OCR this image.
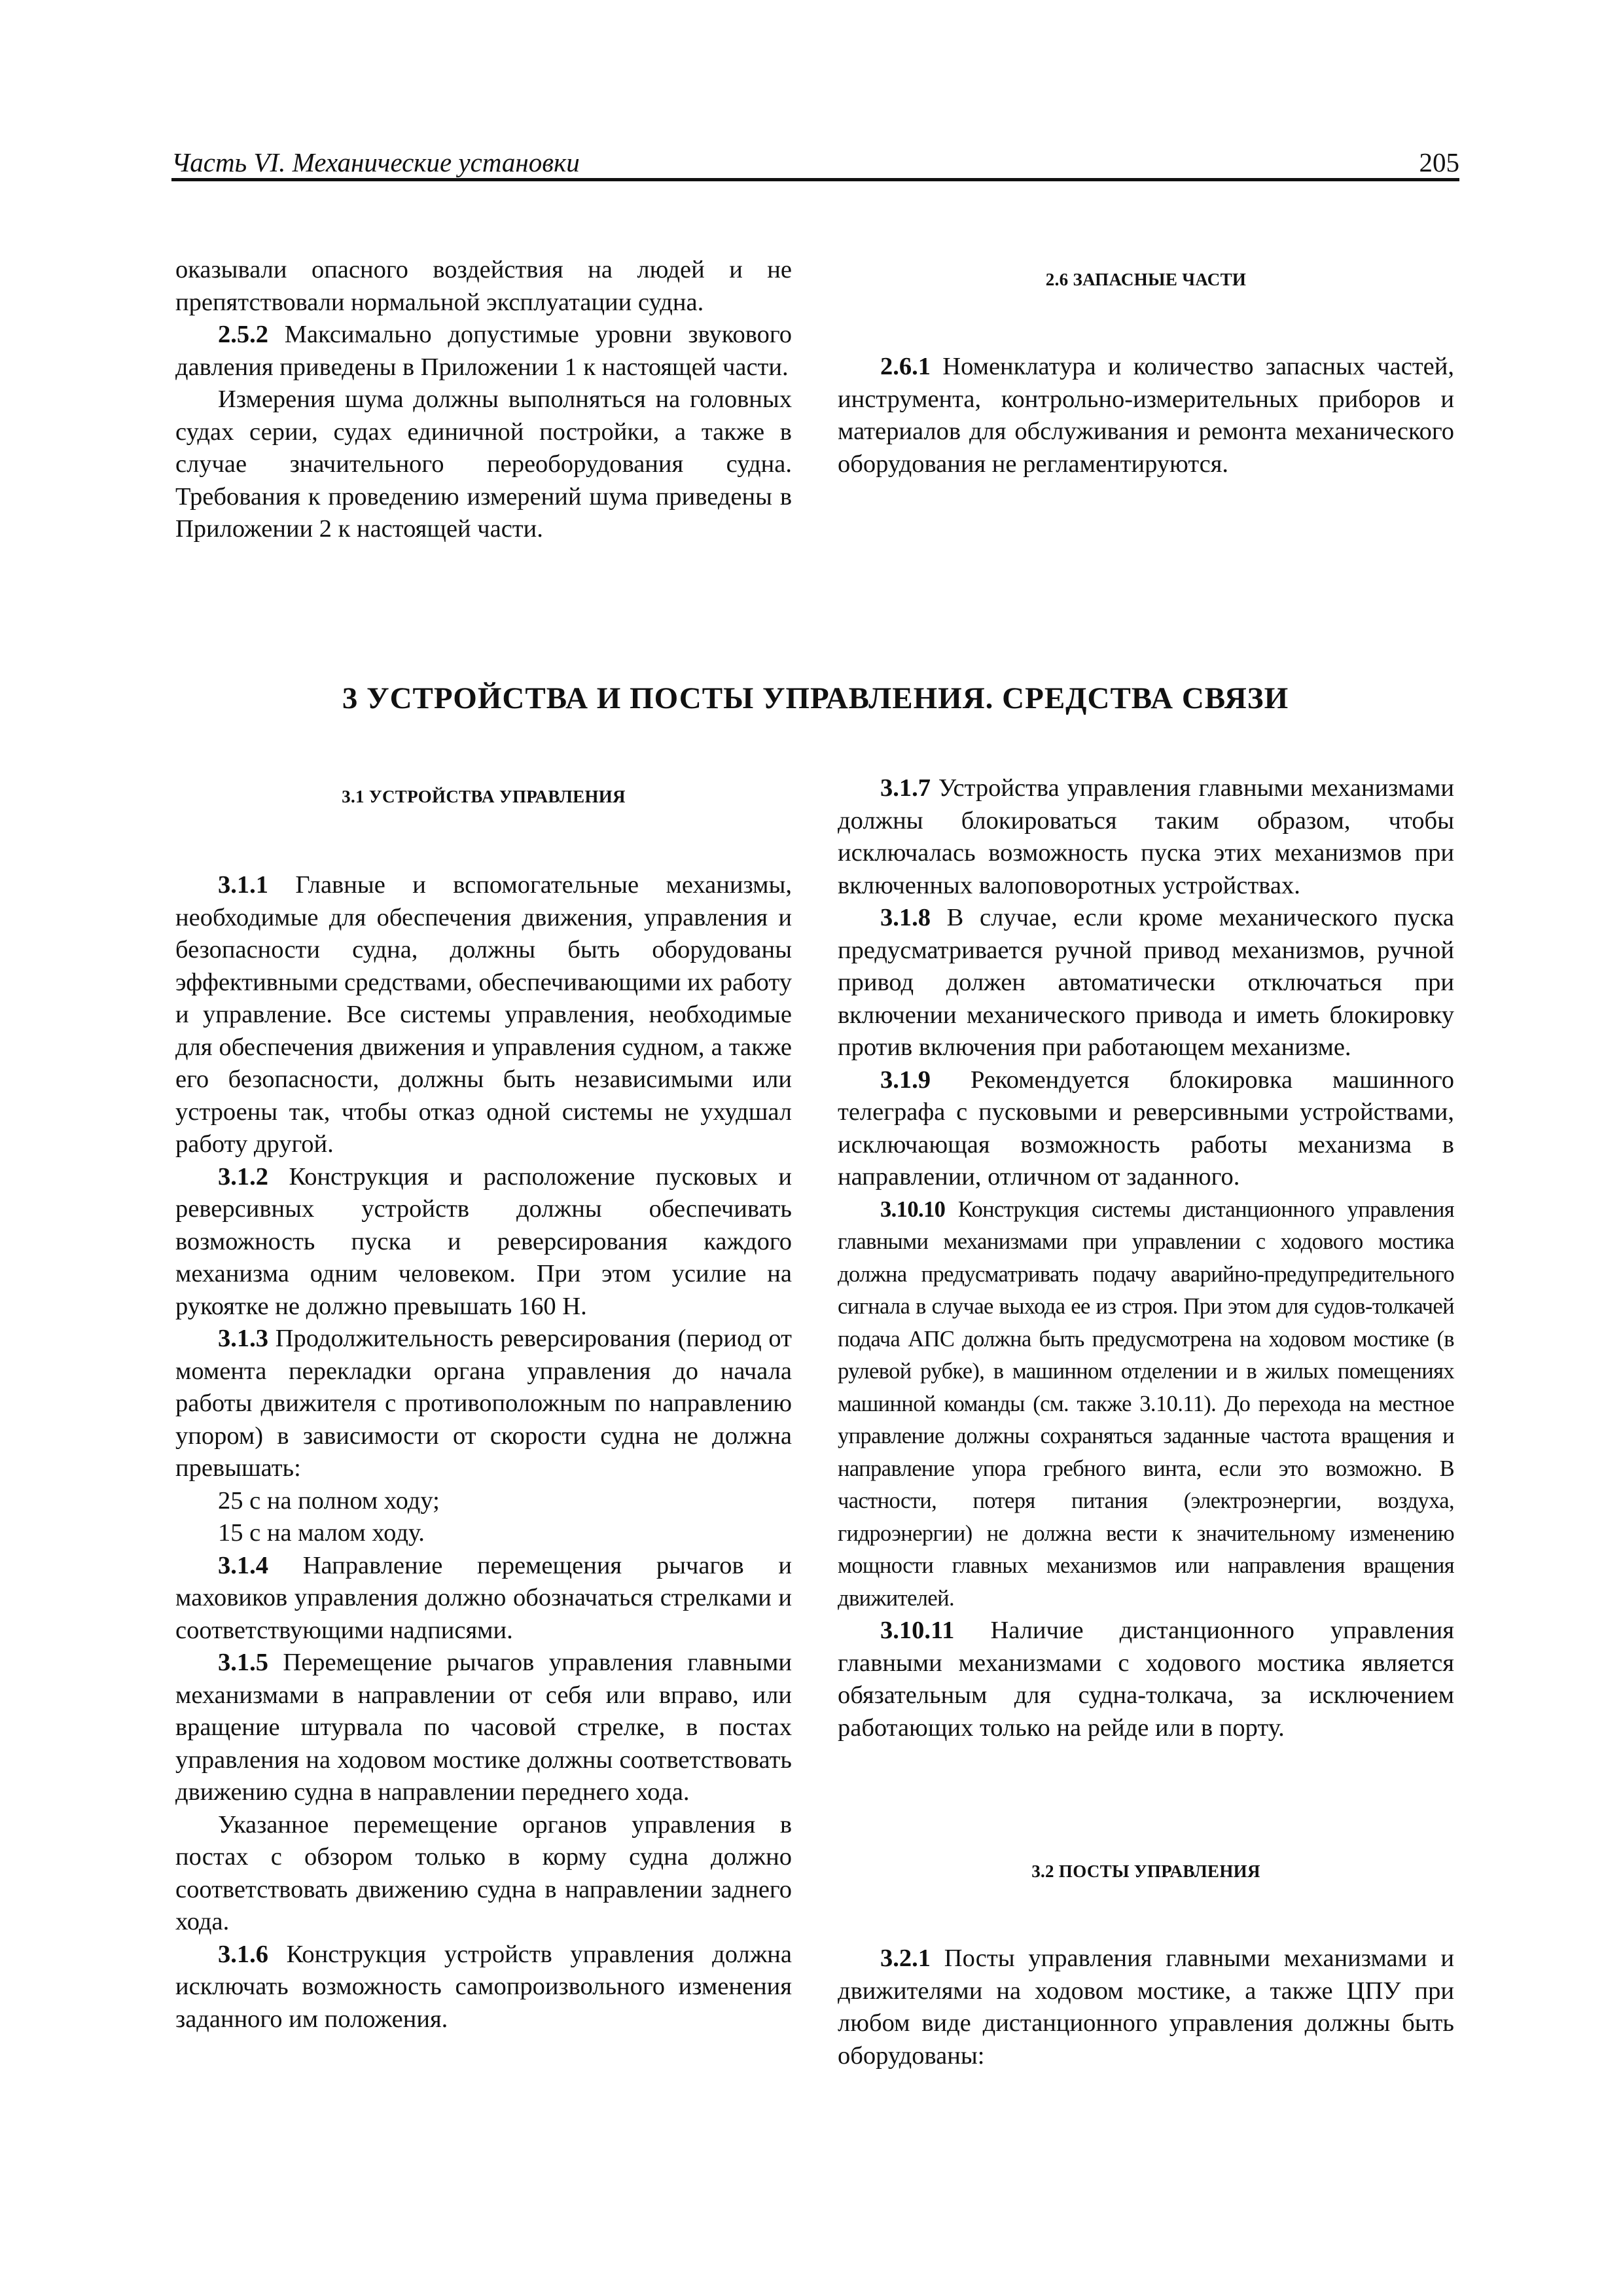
Часть VI. Механические установки	205

оказывали опасного воздействия на людей и не препятствовали нормальной эксплуатации судна.

2.5.2 Максимально допустимые уровни звукового давления приведены в Приложении 1 к настоящей части.

Измерения шума должны выполняться на головных судах серии, судах единичной постройки, а также в случае значительного переоборудования судна. Требования к проведению измерений шума приведены в Приложении 2 к настоящей части.

2.6 ЗАПАСНЫЕ ЧАСТИ

2.6.1 Номенклатура и количество запасных частей, инструмента, контрольно-измерительных приборов и материалов для обслуживания и ремонта механического оборудования не регламентируются.

3 УСТРОЙСТВА И ПОСТЫ УПРАВЛЕНИЯ. СРЕДСТВА СВЯЗИ
3.1 УСТРОЙСТВА УПРАВЛЕНИЯ

3.1.1 Главные и вспомогательные механизмы, необходимые для обеспечения движения, управления и безопасности судна, должны быть оборудованы эффективными средствами, обеспечивающими их работу и управление. Все системы управления, необходимые для обеспечения движения и управления судном, а также его безопасности, должны быть независимыми или устроены так, чтобы отказ одной системы не ухудшал работу другой.

3.1.2 Конструкция и расположение пусковых и реверсивных устройств должны обеспечивать возможность пуска и реверсирования каждого механизма одним человеком. При этом усилие на рукоятке не должно превышать 160 Н.

3.1.3 Продолжительность реверсирования (период от момента перекладки органа управления до начала работы движителя с противоположным по направлению упором) в зависимости от скорости судна не должна превышать:

25 с на полном ходу;

15 с на малом ходу.

3.1.4 Направление перемещения рычагов и маховиков управления должно обозначаться стрелками и соответствующими надписями.

3.1.5 Перемещение рычагов управления главными механизмами в направлении от себя или вправо, или вращение штурвала по часовой стрелке, в постах управления на ходовом мостике должны соответствовать движению судна в направлении переднего хода.

Указанное перемещение органов управления в постах с обзором только в корму судна должно соответствовать движению судна в направлении заднего хода.

3.1.6 Конструкция устройств управления должна исключать возможность самопроизвольного изменения заданного им положения.

3.1.7 Устройства управления главными механизмами должны блокироваться таким образом, чтобы исключалась возможность пуска этих механизмов при включенных валоповоротных устройствах.

3.1.8 В случае, если кроме механического пуска предусматривается ручной привод механизмов, ручной привод должен автоматически отключаться при включении механического привода и иметь блокировку против включения при работающем механизме.

3.1.9 Рекомендуется блокировка машинного телеграфа с пусковыми и реверсивными устройствами, исключающая возможность работы механизма в направлении, отличном от заданного.

3.10.10 Конструкция системы дистанционного управления главными механизмами при управлении с ходового мостика должна предусматривать подачу аварийно-предупредительного сигнала в случае выхода ее из строя. При этом для судов-толкачей подача АПС должна быть предусмотрена на ходовом мостике (в рулевой рубке), в машинном отделении и в жилых помещениях машинной команды (см. также 3.10.11). До перехода на местное управление должны сохраняться заданные частота вращения и направление упора гребного винта, если это возможно. В частности, потеря питания (электроэнергии, воздуха, гидроэнергии) не должна вести к значительному изменению мощности главных механизмов или направления вращения движителей.

3.10.11 Наличие дистанционного управления главными механизмами с ходового мостика является обязательным для судна-толкача, за исключением работающих только на рейде или в порту.

3.2 ПОСТЫ УПРАВЛЕНИЯ

3.2.1 Посты управления главными механизмами и движителями на ходовом мостике, а также ЦПУ при любом виде дистанционного управления должны быть оборудованы:
